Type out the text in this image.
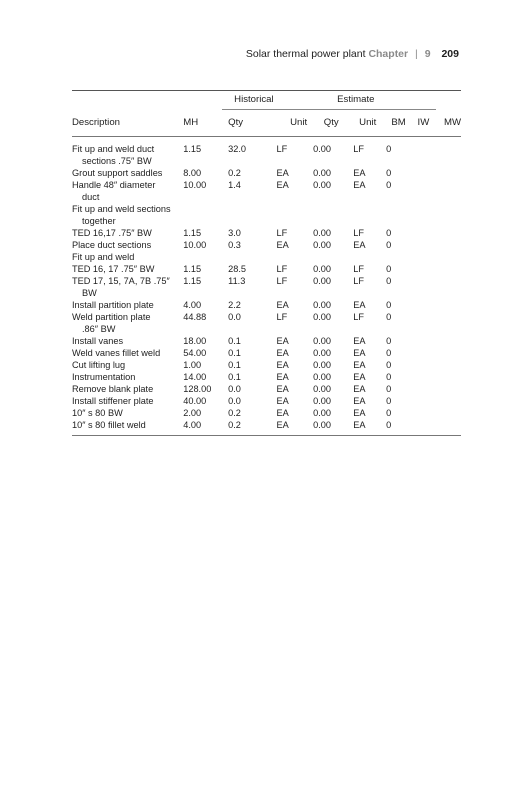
Solar thermal power plant Chapter | 9 209
		Historical		Estimate				
Description	MH	Qty	Unit	Qty	Unit	BM	IW	MW
Fit up and weld duct
sections .75″ BW	1.15	32.0	LF	0.00	LF	0		
Grout support saddles	8.00	0.2	EA	0.00	EA	0		
Handle 48″ diameter
duct	10.00	1.4	EA	0.00	EA	0		
Fit up and weld sections
together								

TED 16,17 .75″ BW	1.15	3.0	LF	0.00	LF	0		
Place duct sections	10.00	0.3	EA	0.00	EA	0		
Fit up and weld								
TED 16, 17 .75″ BW	1.15	28.5	LF	0.00	LF	0		
TED 17, 15, 7A, 7B .75″
BW	1.15	11.3	LF	0.00	LF	0		
Install partition plate	4.00	2.2	EA	0.00	EA	0		
Weld partition plate
.86″ BW	44.88	0.0	LF	0.00	LF	0		
Install vanes	18.00	0.1	EA	0.00	EA	0		
Weld vanes fillet weld	54.00	0.1	EA	0.00	EA	0		
Cut lifting lug	1.00	0.1	EA	0.00	EA	0		
Instrumentation	14.00	0.1	EA	0.00	EA	0		
Remove blank plate	128.00	0.0	EA	0.00	EA	0		
Install stiffener plate	40.00	0.0	EA	0.00	EA	0		
10″ s 80 BW	2.00	0.2	EA	0.00	EA	0		
10″ s 80 fillet weld	4.00	0.2	EA	0.00	EA	0		
